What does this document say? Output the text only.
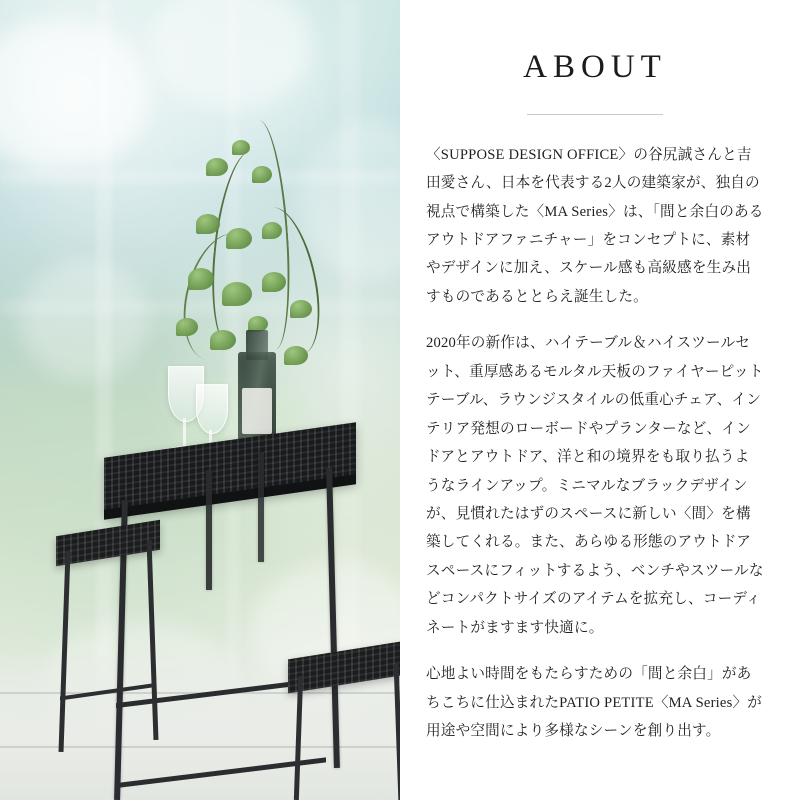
ABOUT

〈SUPPOSE DESIGN OFFICE〉の谷尻誠さんと吉田愛さん、日本を代表する2人の建築家が、独自の視点で構築した〈MA Series〉は、「間と余白のあるアウトドアファニチャー」をコンセプトに、素材やデザインに加え、スケール感も高級感を生み出すものであるととらえ誕生した。

2020年の新作は、ハイテーブル＆ハイスツールセット、重厚感あるモルタル天板のファイヤーピットテーブル、ラウンジスタイルの低重心チェア、インテリア発想のローボードやプランターなど、インドアとアウトドア、洋と和の境界をも取り払うようなラインアップ。ミニマルなブラックデザインが、見慣れたはずのスペースに新しい〈間〉を構築してくれる。また、あらゆる形態のアウトドアスペースにフィットするよう、ベンチやスツールなどコンパクトサイズのアイテムを拡充し、コーディネートがますます快適に。

心地よい時間をもたらすための「間と余白」があちこちに仕込まれたPATIO PETITE〈MA Series〉が用途や空間により多様なシーンを創り出す。
